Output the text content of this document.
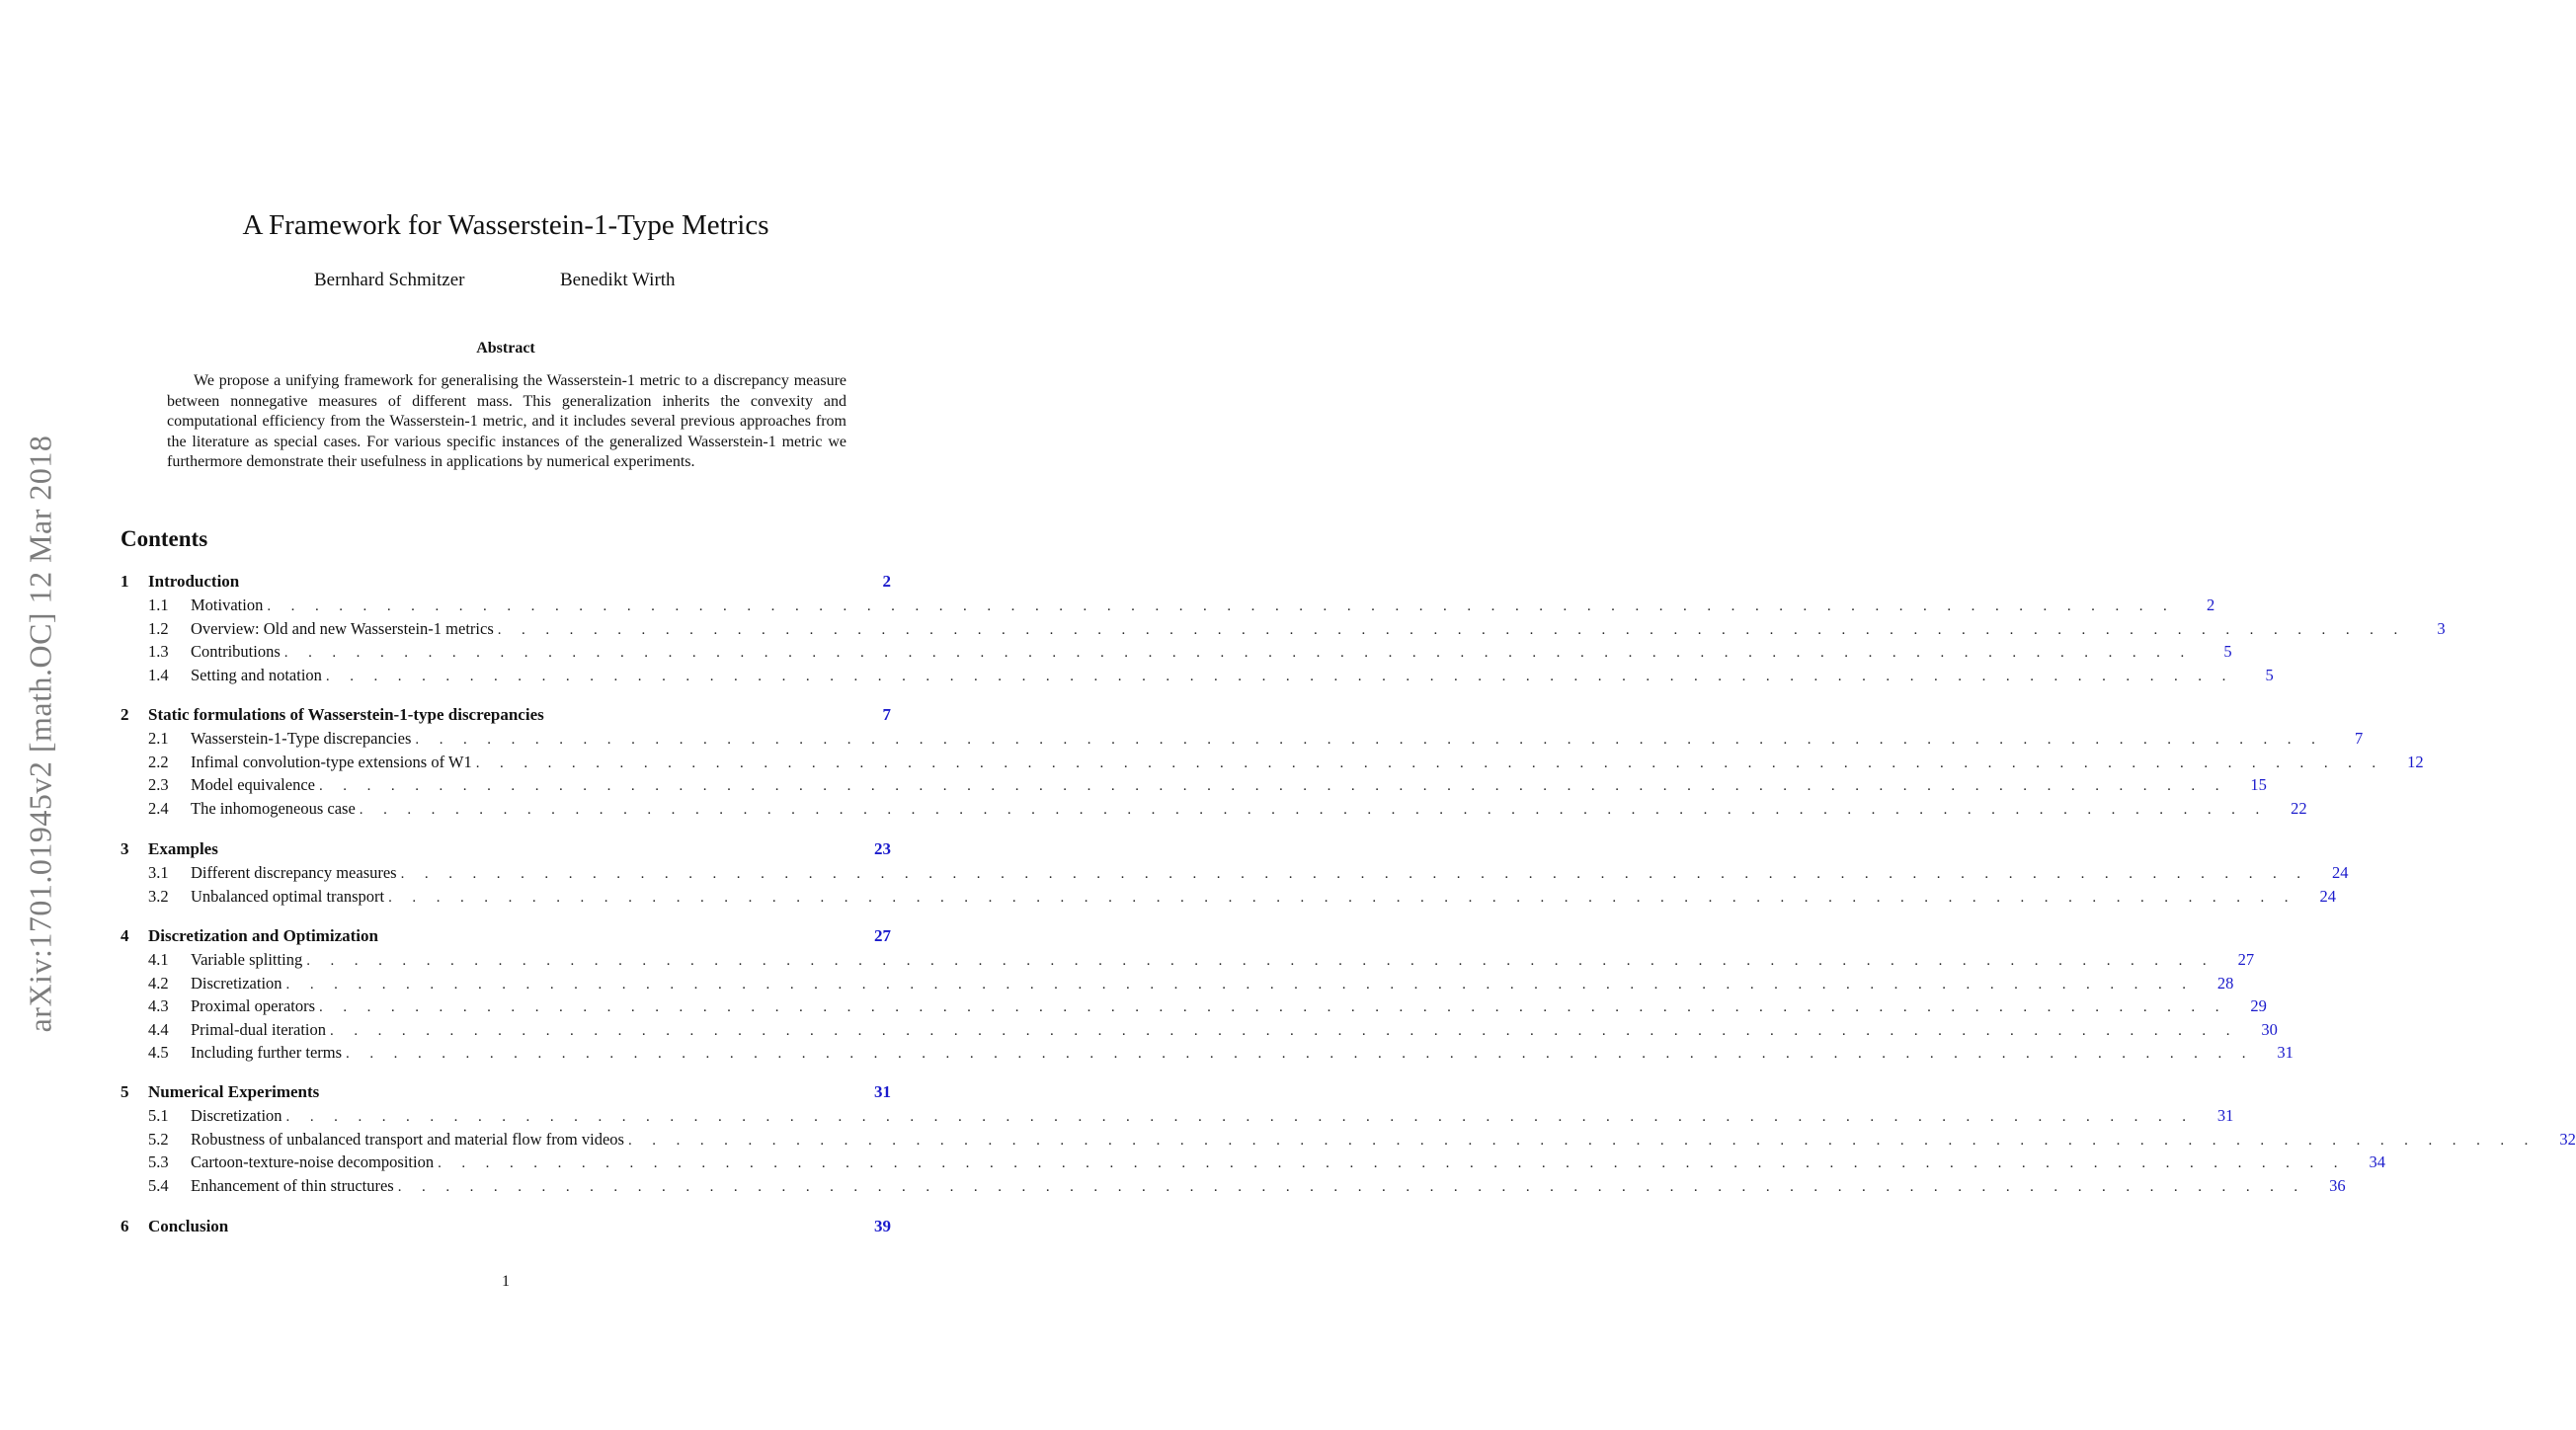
arXiv:1701.01945v2 [math.OC] 12 Mar 2018
A Framework for Wasserstein-1-Type Metrics
Bernhard Schmitzer	Benedikt Wirth
Abstract
We propose a unifying framework for generalising the Wasserstein-1 metric to a discrepancy measure between nonnegative measures of different mass. This generalization inherits the convexity and computational efficiency from the Wasserstein-1 metric, and it includes several previous approaches from the literature as special cases. For various specific instances of the generalized Wasserstein-1 metric we furthermore demonstrate their usefulness in applications by numerical experiments.
Contents
1 Introduction	2
1.1	Motivation . . . . . . . . . . . . . . . . . . . . . . . . . . . . . . . . . . . . . . . . . . . . . . . . . . . . . . . . . . . . . . . . . . . . . . . . . . . . . . . .	2
1.2	Overview: Old and new Wasserstein-1 metrics . . . . . . . . . . . . . . . . . . . . . . . . . . . . . . . . . . . . . . . . . . . . . . . . . . . . . . . . . . . . . . . . . . . . . . . . . . . . . . . .	3
1.3	Contributions . . . . . . . . . . . . . . . . . . . . . . . . . . . . . . . . . . . . . . . . . . . . . . . . . . . . . . . . . . . . . . . . . . . . . . . . . . . . . . . .	5
1.4	Setting and notation . . . . . . . . . . . . . . . . . . . . . . . . . . . . . . . . . . . . . . . . . . . . . . . . . . . . . . . . . . . . . . . . . . . . . . . . . . . . . . . .	5
2 Static formulations of Wasserstein-1-type discrepancies	7
2.1	Wasserstein-1-Type discrepancies . . . . . . . . . . . . . . . . . . . . . . . . . . . . . . . . . . . . . . . . . . . . . . . . . . . . . . . . . . . . . . . . . . . . . . . . . . . . . . . .	7
2.2	Infimal convolution-type extensions of W1 . . . . . . . . . . . . . . . . . . . . . . . . . . . . . . . . . . . . . . . . . . . . . . . . . . . . . . . . . . . . . . . . . . . . . . . . . . . . . . . .	12
2.3	Model equivalence . . . . . . . . . . . . . . . . . . . . . . . . . . . . . . . . . . . . . . . . . . . . . . . . . . . . . . . . . . . . . . . . . . . . . . . . . . . . . . . .	15
2.4	The inhomogeneous case . . . . . . . . . . . . . . . . . . . . . . . . . . . . . . . . . . . . . . . . . . . . . . . . . . . . . . . . . . . . . . . . . . . . . . . . . . . . . . . .	22
3 Examples	23
3.1	Different discrepancy measures . . . . . . . . . . . . . . . . . . . . . . . . . . . . . . . . . . . . . . . . . . . . . . . . . . . . . . . . . . . . . . . . . . . . . . . . . . . . . . . .	24
3.2	Unbalanced optimal transport . . . . . . . . . . . . . . . . . . . . . . . . . . . . . . . . . . . . . . . . . . . . . . . . . . . . . . . . . . . . . . . . . . . . . . . . . . . . . . . .	24
4 Discretization and Optimization	27
4.1	Variable splitting . . . . . . . . . . . . . . . . . . . . . . . . . . . . . . . . . . . . . . . . . . . . . . . . . . . . . . . . . . . . . . . . . . . . . . . . . . . . . . . .	27
4.2	Discretization . . . . . . . . . . . . . . . . . . . . . . . . . . . . . . . . . . . . . . . . . . . . . . . . . . . . . . . . . . . . . . . . . . . . . . . . . . . . . . . .	28
4.3	Proximal operators . . . . . . . . . . . . . . . . . . . . . . . . . . . . . . . . . . . . . . . . . . . . . . . . . . . . . . . . . . . . . . . . . . . . . . . . . . . . . . . .	29
4.4	Primal-dual iteration . . . . . . . . . . . . . . . . . . . . . . . . . . . . . . . . . . . . . . . . . . . . . . . . . . . . . . . . . . . . . . . . . . . . . . . . . . . . . . . .	30
4.5	Including further terms . . . . . . . . . . . . . . . . . . . . . . . . . . . . . . . . . . . . . . . . . . . . . . . . . . . . . . . . . . . . . . . . . . . . . . . . . . . . . . . .	31
5 Numerical Experiments	31
5.1	Discretization . . . . . . . . . . . . . . . . . . . . . . . . . . . . . . . . . . . . . . . . . . . . . . . . . . . . . . . . . . . . . . . . . . . . . . . . . . . . . . . .	31
5.2	Robustness of unbalanced transport and material flow from videos . . . . . . . . . . . . . . . . . . . . . . . . . . . . . . . . . . . . . . . . . . . . . . . . . . . . . . . . . . . . . . . . . . . . . . . . . . . . . . . .	32
5.3	Cartoon-texture-noise decomposition . . . . . . . . . . . . . . . . . . . . . . . . . . . . . . . . . . . . . . . . . . . . . . . . . . . . . . . . . . . . . . . . . . . . . . . . . . . . . . . .	34
5.4	Enhancement of thin structures . . . . . . . . . . . . . . . . . . . . . . . . . . . . . . . . . . . . . . . . . . . . . . . . . . . . . . . . . . . . . . . . . . . . . . . . . . . . . . . .	36
6 Conclusion	39
1
